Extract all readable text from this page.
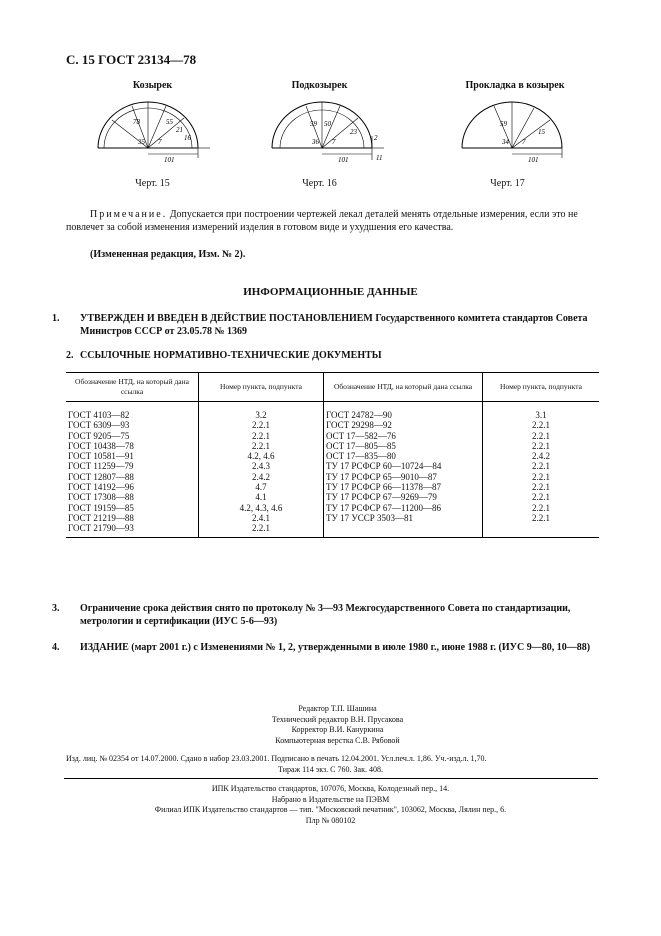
С. 15 ГОСТ 23134—78
Козырек
78	55
35
21
16
7
101
Черт. 15
Подкозырек
59 50
36
23
2
7
101	11
Черт. 16
Прокладка в козырек
59
34
15
7
101
Черт. 17
Примечание. Допускается при построении чертежей лекал деталей менять отдельные измерения, если это не повлечет за собой изменения измерений изделия в готовом виде и ухудшения его качества.
(Измененная редакция, Изм. № 2).
ИНФОРМАЦИОННЫЕ ДАННЫЕ
1. УТВЕРЖДЕН И ВВЕДЕН В ДЕЙСТВИЕ ПОСТАНОВЛЕНИЕМ Государственного комитета стандартов Совета Министров СССР от 23.05.78 № 1369
2. ССЫЛОЧНЫЕ НОРМАТИВНО-ТЕХНИЧЕСКИЕ ДОКУМЕНТЫ
Обозначение НТД, на который дана ссылка	Номер пункта, подпункта	Обозначение НТД, на который дана ссылка	Номер пункта, подпункта
ГОСТ 4103—82	3.2	ГОСТ 24782—90	3.1
ГОСТ 6309—93	2.2.1	ГОСТ 29298—92	2.2.1
ГОСТ 9205—75	2.2.1	ОСТ 17—582—76	2.2.1
ГОСТ 10438—78	2.2.1	ОСТ 17—805—85	2.2.1
ГОСТ 10581—91	4.2, 4.6	ОСТ 17—835—80	2.4.2
ГОСТ 11259—79	2.4.3	ТУ 17 РСФСР 60—10724—84	2.2.1
ГОСТ 12807—88	2.4.2	ТУ 17 РСФСР 65—9010—87	2.2.1
ГОСТ 14192—96	4.7	ТУ 17 РСФСР 66—11378—87	2.2.1
ГОСТ 17308—88	4.1	ТУ 17 РСФСР 67—9269—79	2.2.1
ГОСТ 19159—85	4.2, 4.3, 4.6	ТУ 17 РСФСР 67—11200—86	2.2.1
ГОСТ 21219—88	2.4.1	ТУ 17 УССР 3503—81	2.2.1
ГОСТ 21790—93	2.2.1		
3. Ограничение срока действия снято по протоколу № 3—93 Межгосударственного Совета по стандартизации, метрологии и сертификации (ИУС 5-6—93)
4. ИЗДАНИЕ (март 2001 г.) с Изменениями № 1, 2, утвержденными в июле 1980 г., июне 1988 г. (ИУС 9—80, 10—88)
Редактор Т.П. Шашина
Технический редактор В.Н. Прусакова
Корректор В.И. Кануркина
Компьютерная верстка С.В. Рябовой
Изд. лиц. № 02354 от 14.07.2000. Сдано в набор 23.03.2001. Подписано в печать 12.04.2001. Усл.печ.л. 1,86. Уч.-изд.л. 1,70.
Тираж 114 экз. С 760. Зак. 408.
ИПК Издательство стандартов, 107076, Москва, Колодезный пер., 14.
Набрано в Издательстве на ПЭВМ
Филиал ИПК Издательство стандартов — тип. "Московский печатник", 103062, Москва, Лялин пер., 6.
Плр № 080102
